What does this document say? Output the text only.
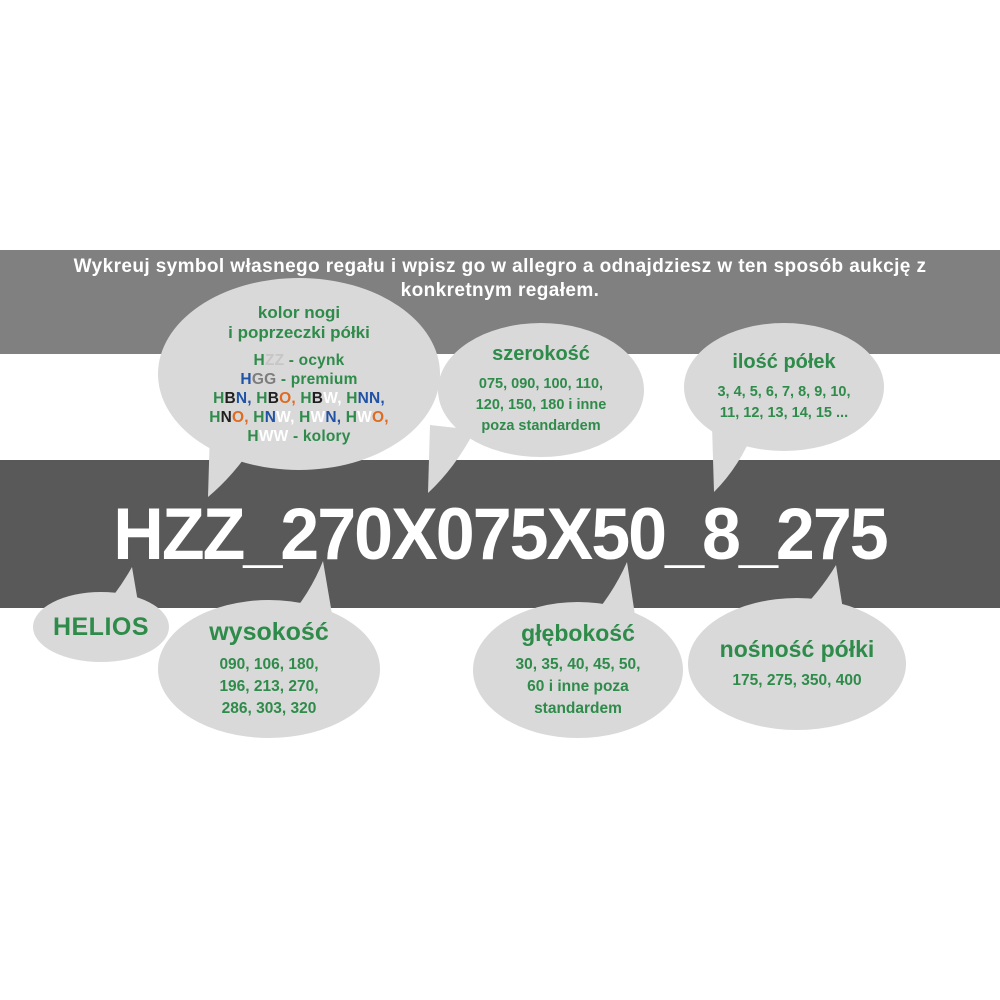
Wykreuj symbol własnego regału i wpisz go w allegro a odnajdziesz w ten sposób aukcję z
konkretnym regałem.
HZZ_270X075X50_8_275
kolor nogi
i poprzeczki półki
HZZ - ocynk
HGG - premium
HBN, HBO, HBW, HNN,
HNO, HNW, HWN, HWO,
HWW - kolory
szerokość
075, 090, 100, 110,
120, 150, 180 i inne
poza standardem
ilość półek
3, 4, 5, 6, 7, 8, 9, 10,
11, 12, 13, 14, 15 ...
HELIOS wysokość
090, 106, 180,
196, 213, 270,
286, 303, 320
głębokość
30, 35, 40, 45, 50,
60 i inne poza
standardem
nośność półki
175, 275, 350, 400
